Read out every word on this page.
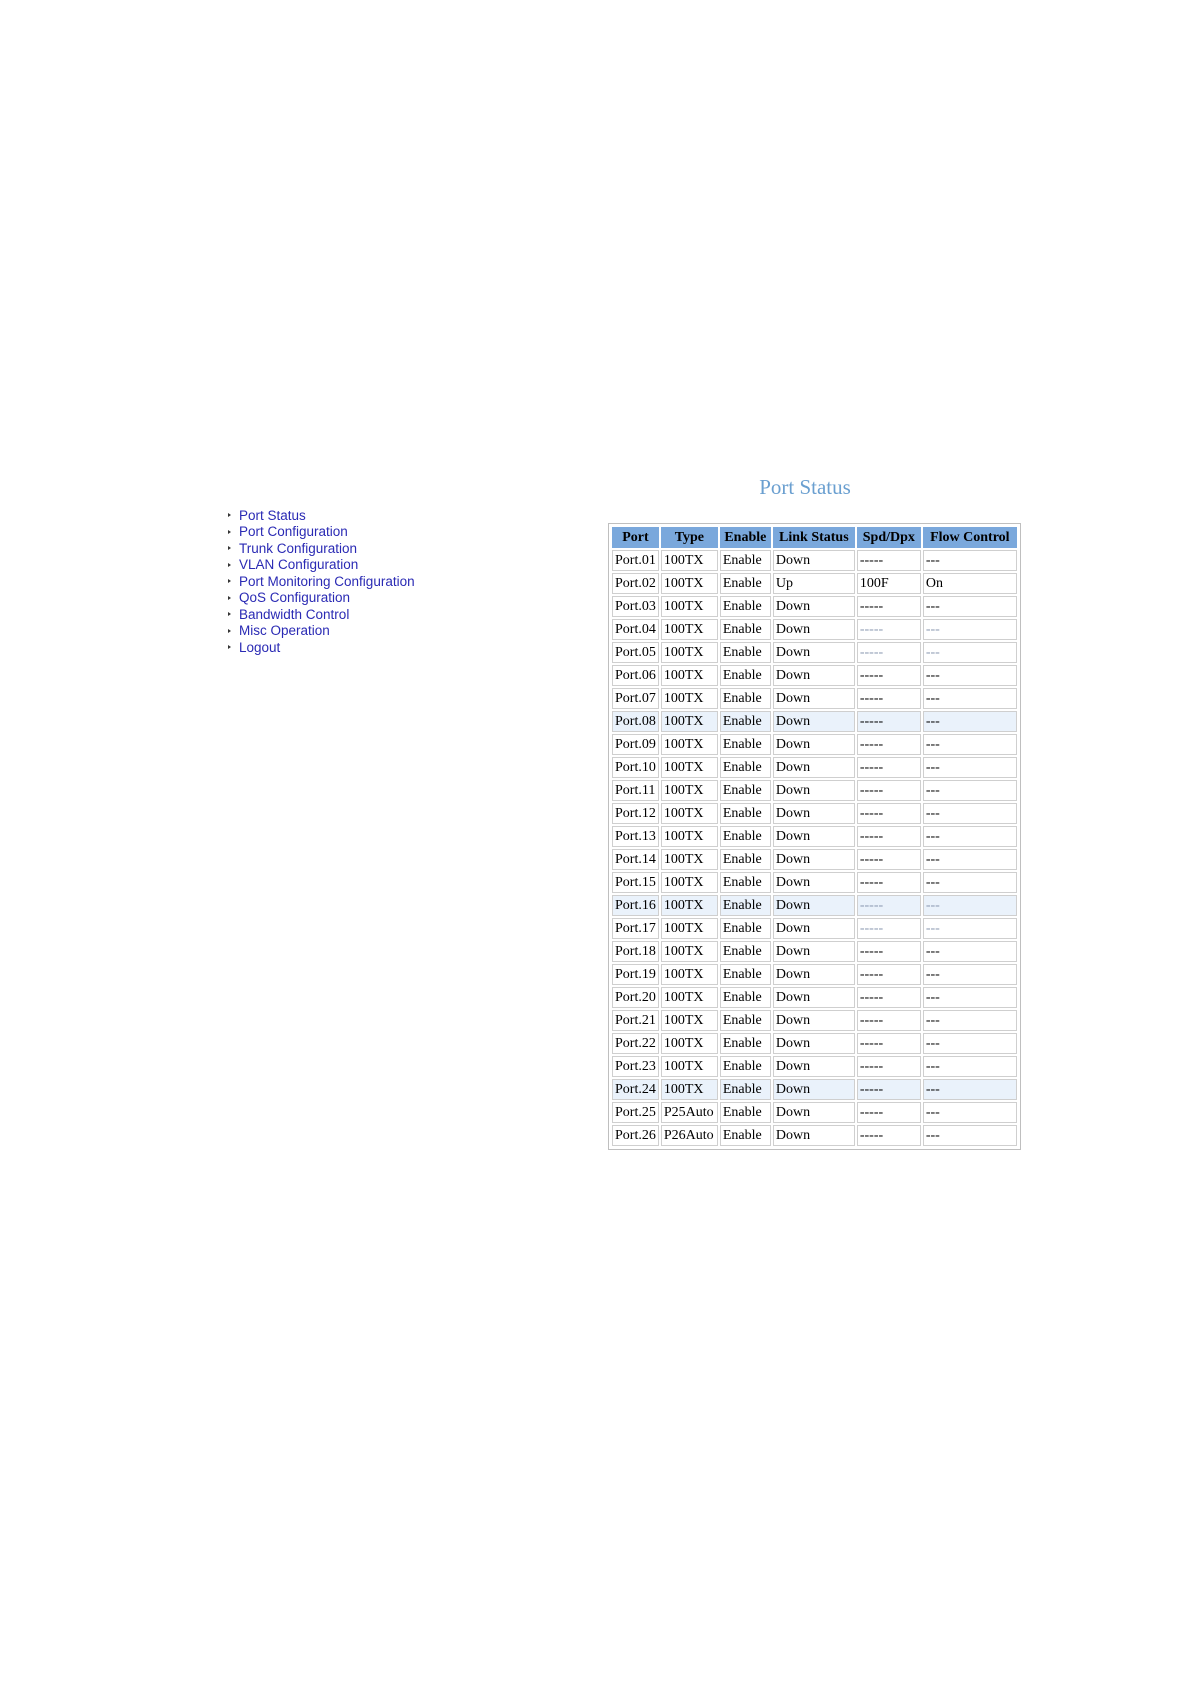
Port Status
Port Configuration
Trunk Configuration
VLAN Configuration
Port Monitoring Configuration
QoS Configuration
Bandwidth Control
Misc Operation
Logout
Port Status
Port	Type	Enable	Link Status	Spd/Dpx	Flow Control
Port.01	100TX	Enable	Down	-----	---
Port.02	100TX	Enable	Up	100F	On
Port.03	100TX	Enable	Down	-----	---
Port.04	100TX	Enable	Down	-----	---
Port.05	100TX	Enable	Down	-----	---
Port.06	100TX	Enable	Down	-----	---
Port.07	100TX	Enable	Down	-----	---
Port.08	100TX	Enable	Down	-----	---
Port.09	100TX	Enable	Down	-----	---
Port.10	100TX	Enable	Down	-----	---
Port.11	100TX	Enable	Down	-----	---
Port.12	100TX	Enable	Down	-----	---
Port.13	100TX	Enable	Down	-----	---
Port.14	100TX	Enable	Down	-----	---
Port.15	100TX	Enable	Down	-----	---
Port.16	100TX	Enable	Down	-----	---
Port.17	100TX	Enable	Down	-----	---
Port.18	100TX	Enable	Down	-----	---
Port.19	100TX	Enable	Down	-----	---
Port.20	100TX	Enable	Down	-----	---
Port.21	100TX	Enable	Down	-----	---
Port.22	100TX	Enable	Down	-----	---
Port.23	100TX	Enable	Down	-----	---
Port.24	100TX	Enable	Down	-----	---
Port.25	P25Auto	Enable	Down	-----	---
Port.26	P26Auto	Enable	Down	-----	---
